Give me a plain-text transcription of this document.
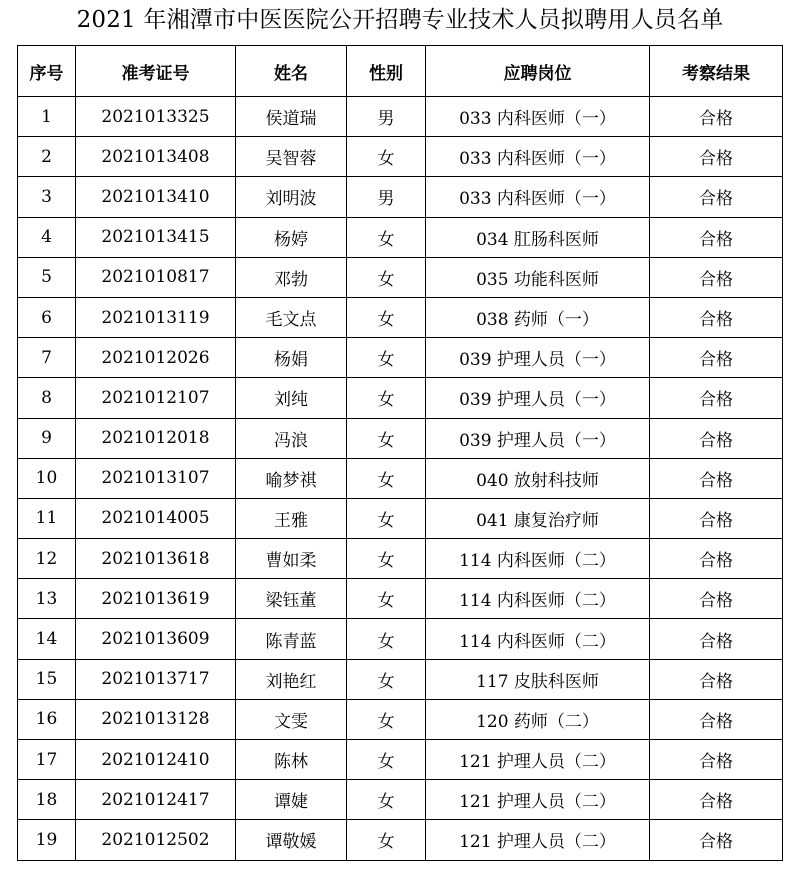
2021 年湘潭市中医医院公开招聘专业技术人员拟聘用人员名单
序号	准考证号	姓名	性别	应聘岗位	考察结果
1	2021013325	侯道瑞	男	033 内科医师（一）	合格
2	2021013408	吴智蓉	女	033 内科医师（一）	合格
3	2021013410	刘明波	男	033 内科医师（一）	合格
4	2021013415	杨婷	女	034 肛肠科医师	合格
5	2021010817	邓勃	女	035 功能科医师	合格
6	2021013119	毛文点	女	038 药师（一）	合格
7	2021012026	杨娟	女	039 护理人员（一）	合格
8	2021012107	刘纯	女	039 护理人员（一）	合格
9	2021012018	冯浪	女	039 护理人员（一）	合格
10	2021013107	喻梦祺	女	040 放射科技师	合格
11	2021014005	王雅	女	041 康复治疗师	合格
12	2021013618	曹如柔	女	114 内科医师（二）	合格
13	2021013619	梁钰董	女	114 内科医师（二）	合格
14	2021013609	陈青蓝	女	114 内科医师（二）	合格
15	2021013717	刘艳红	女	117 皮肤科医师	合格
16	2021013128	文雯	女	120 药师（二）	合格
17	2021012410	陈林	女	121 护理人员（二）	合格
18	2021012417	谭婕	女	121 护理人员（二）	合格
19	2021012502	谭敬媛	女	121 护理人员（二）	合格
